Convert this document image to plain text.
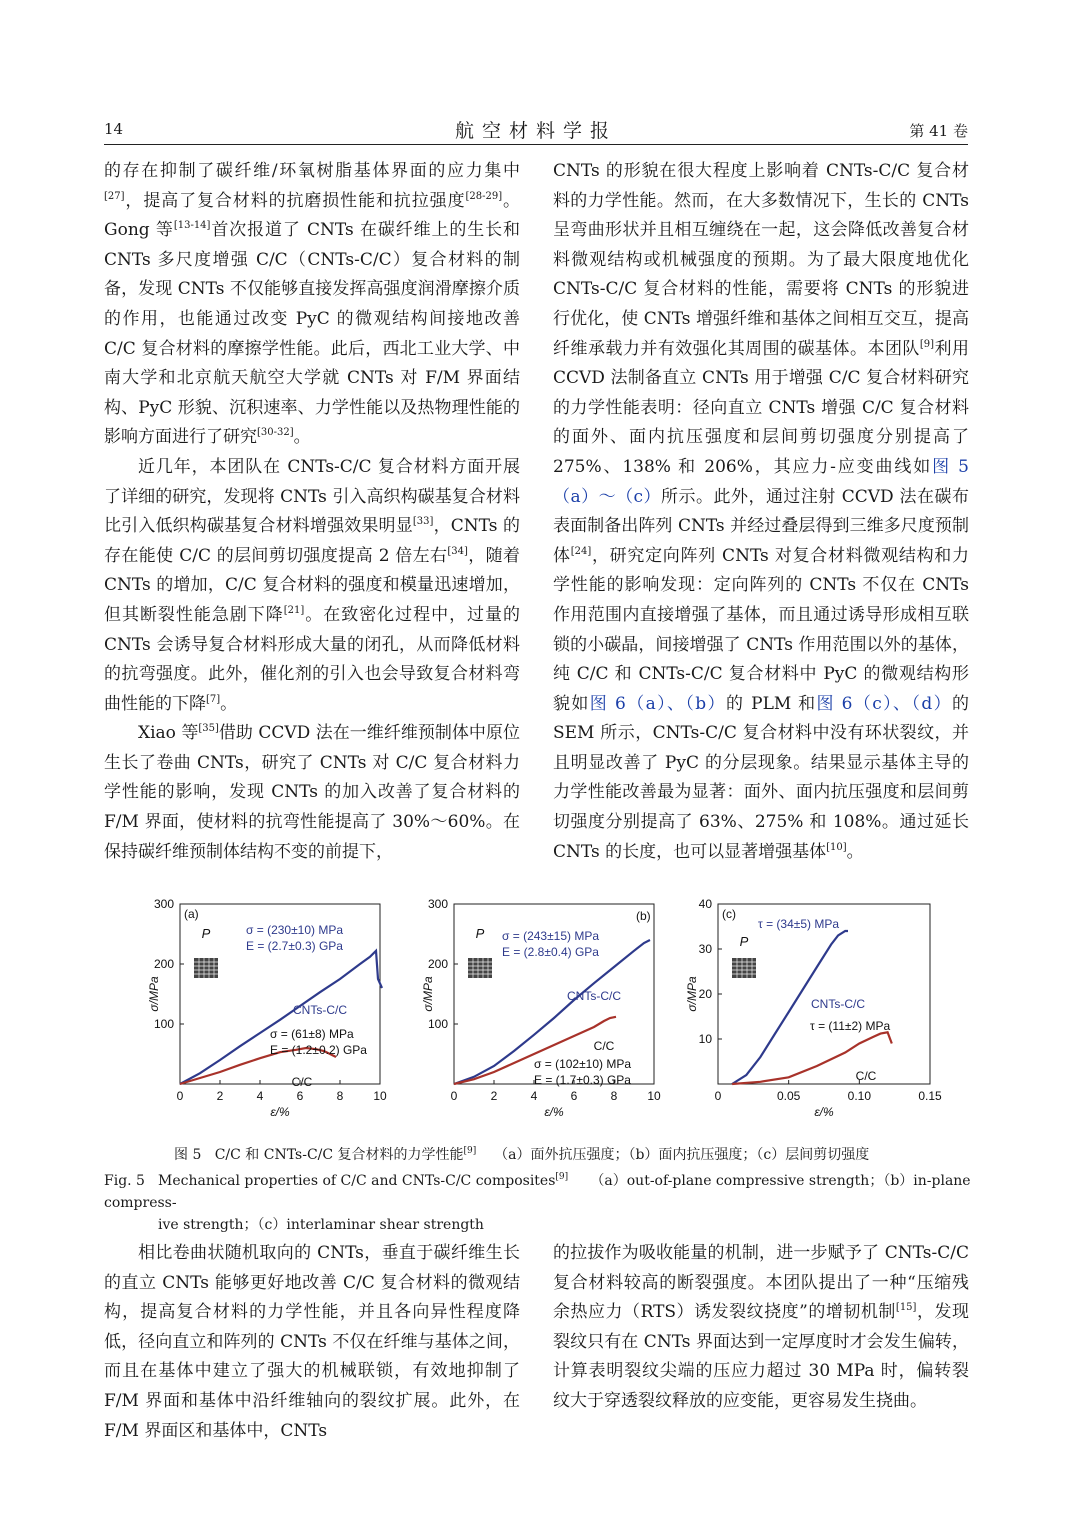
14	航空材料学报	第 41 卷

的存在抑制了碳纤维/环氧树脂基体界面的应力集中[27]，提高了复合材料的抗磨损性能和抗拉强度[28-29]。Gong 等[13-14]首次报道了 CNTs 在碳纤维上的生长和 CNTs 多尺度增强 C/C（CNTs-C/C）复合材料的制备，发现 CNTs 不仅能够直接发挥高强度润滑摩擦介质的作用，也能通过改变 PyC 的微观结构间接地改善 C/C 复合材料的摩擦学性能。此后，西北工业大学、中南大学和北京航天航空大学就 CNTs 对 F/M 界面结构、PyC 形貌、沉积速率、力学性能以及热物理性能的影响方面进行了研究[30-32]。

近几年，本团队在 CNTs-C/C 复合材料方面开展了详细的研究，发现将 CNTs 引入高织构碳基复合材料比引入低织构碳基复合材料增强效果明显[33]，CNTs 的存在能使 C/C 的层间剪切强度提高 2 倍左右[34]，随着 CNTs 的增加，C/C 复合材料的强度和模量迅速增加，但其断裂性能急剧下降[21]。在致密化过程中，过量的 CNTs 会诱导复合材料形成大量的闭孔，从而降低材料的抗弯强度。此外，催化剂的引入也会导致复合材料弯曲性能的下降[7]。

Xiao 等[35]借助 CCVD 法在一维纤维预制体中原位生长了卷曲 CNTs，研究了 CNTs 对 C/C 复合材料力学性能的影响，发现 CNTs 的加入改善了复合材料的 F/M 界面，使材料的抗弯性能提高了 30%～60%。在保持碳纤维预制体结构不变的前提下，

CNTs 的形貌在很大程度上影响着 CNTs-C/C 复合材料的力学性能。然而，在大多数情况下，生长的 CNTs 呈弯曲形状并且相互缠绕在一起，这会降低改善复合材料微观结构或机械强度的预期。为了最大限度地优化 CNTs-C/C 复合材料的性能，需要将 CNTs 的形貌进行优化，使 CNTs 增强纤维和基体之间相互交互，提高纤维承载力并有效强化其周围的碳基体。本团队[9]利用 CCVD 法制备直立 CNTs 用于增强 C/C 复合材料研究的力学性能表明：径向直立 CNTs 增强 C/C 复合材料的面外、面内抗压强度和层间剪切强度分别提高了 275%、138% 和 206%，其应力-应变曲线如图 5（a）～（c）所示。此外，通过注射 CCVD 法在碳布表面制备出阵列 CNTs 并经过叠层得到三维多尺度预制体[24]，研究定向阵列 CNTs 对复合材料微观结构和力学性能的影响发现：定向阵列的 CNTs 不仅在 CNTs 作用范围内直接增强了基体，而且通过诱导形成相互联锁的小碳晶，间接增强了 CNTs 作用范围以外的基体，纯 C/C 和 CNTs-C/C 复合材料中 PyC 的微观结构形貌如图 6（a）、（b）的 PLM 和图 6（c）、（d）的 SEM 所示，CNTs-C/C 复合材料中没有环状裂纹，并且明显改善了 PyC 的分层现象。结果显示基体主导的力学性能改善最为显著：面外、面内抗压强度和层间剪切强度分别提高了 63%、275% 和 108%。通过延长 CNTs 的长度，也可以显著增强基体[10]。

0	2	4	6	8 10
100
200
300
ε/%
σ/MPa
(a)
CNTs-C/C
C/C
σ = (230±10) MPa
E = (2.7±0.3) GPa
σ = (61±8) MPa
E = (1.2±0.2) GPa
P
0	2	4	6	8 10
100
200
300
ε/%
σ/MPa
(b)
CNTs-C/C
C/C
σ = (243±15) MPa
E = (2.8±0.4) GPa
σ = (102±10) MPa
E = (1.7±0.3) GPa
P
0	0.05	0.10	0.15
10
20
30
40
ε/%
σ/MPa
(c)
CNTs-C/C
C/C
τ = (34±5) MPa
τ = (11±2) MPa
P
图 5 C/C 和 CNTs-C/C 复合材料的力学性能[9] （a）面外抗压强度；（b）面内抗压强度；（c）层间剪切强度
Fig. 5 Mechanical properties of C/C and CNTs-C/C composites[9] （a）out-of-plane compressive strength；（b）in-plane compress-
ive strength；（c）interlaminar shear strength

相比卷曲状随机取向的 CNTs，垂直于碳纤维生长的直立 CNTs 能够更好地改善 C/C 复合材料的微观结构，提高复合材料的力学性能，并且各向异性程度降低，径向直立和阵列的 CNTs 不仅在纤维与基体之间，而且在基体中建立了强大的机械联锁，有效地抑制了 F/M 界面和基体中沿纤维轴向的裂纹扩展。此外，在 F/M 界面区和基体中，CNTs

的拉拔作为吸收能量的机制，进一步赋予了 CNTs-C/C 复合材料较高的断裂强度。本团队提出了一种“压缩残余热应力（RTS）诱发裂纹挠度”的增韧机制[15]，发现裂纹只有在 CNTs 界面达到一定厚度时才会发生偏转，计算表明裂纹尖端的压应力超过 30 MPa 时，偏转裂纹大于穿透裂纹释放的应变能，更容易发生挠曲。
